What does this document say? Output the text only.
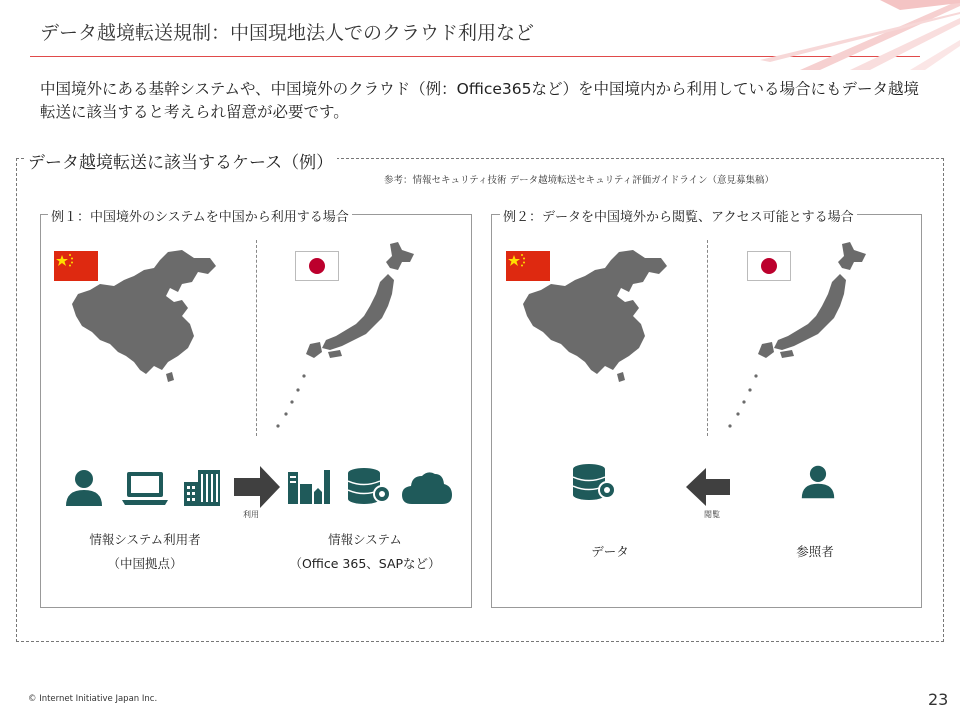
データ越境転送規制：中国現地法人でのクラウド利用など
中国境外にある基幹システムや、中国境外のクラウド（例：Office365など）を中国境内から利用している場合にもデータ越境転送に該当すると考えられ留意が必要です。
データ越境転送に該当するケース（例）
参考：情報セキュリティ技術 データ越境転送セキュリティ評価ガイドライン（意見募集稿）
例１：中国境外のシステムを中国から利用する場合	例２：データを中国境外から閲覧、アクセス可能とする場合
利用
情報システム利用者
（中国拠点）
情報システム
（Office 365、SAPなど）
閲覧
データ	参照者
© Internet Initiative Japan Inc.	23
